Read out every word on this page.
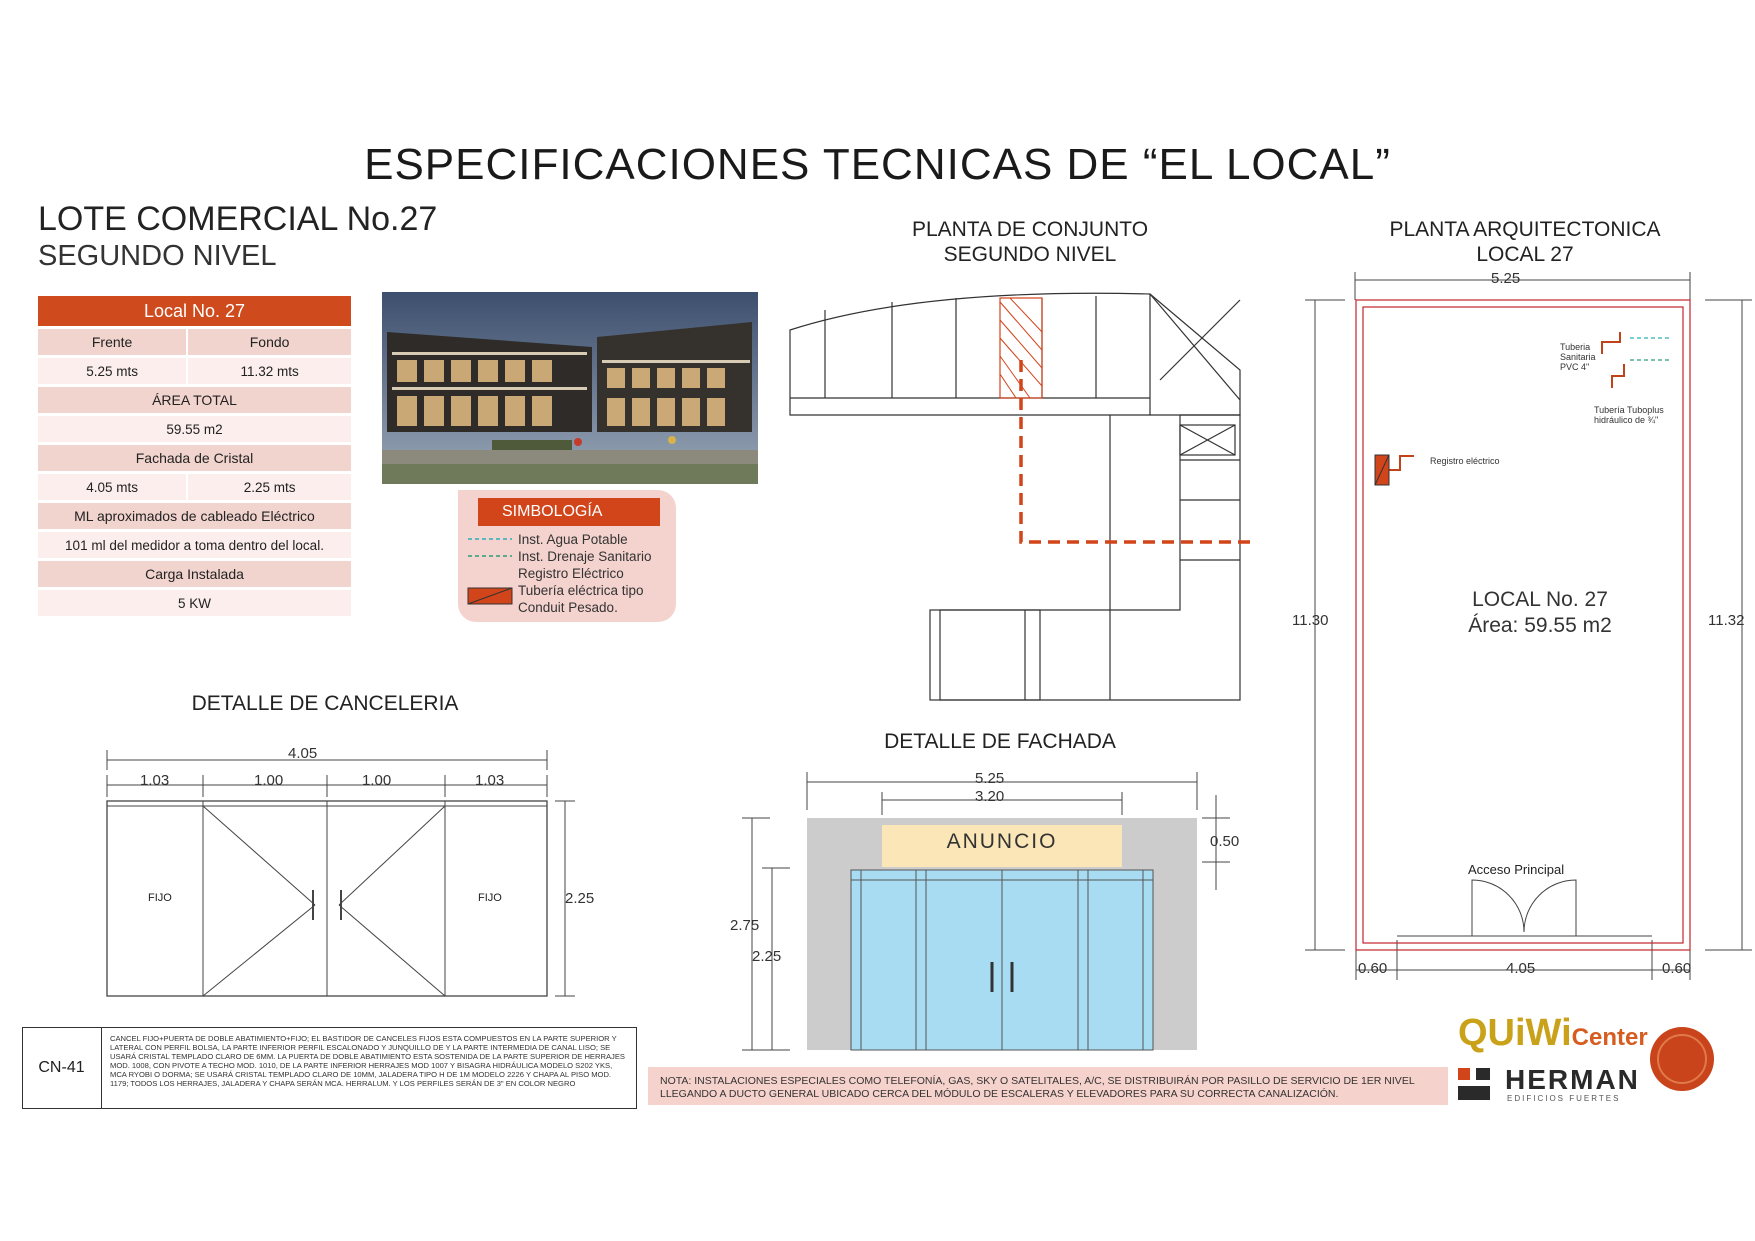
ESPECIFICACIONES TECNICAS DE “EL LOCAL”
LOTE COMERCIAL No.27
SEGUNDO NIVEL
Local No. 27	
Frente	Fondo
5.25 mts	11.32 mts
ÁREA TOTAL	
59.55 m2	
Fachada de Cristal	
4.05 mts	2.25 mts
ML aproximados de cableado Eléctrico	
101 ml del medidor a toma dentro del local.	
Carga Instalada	
5 KW	
SIMBOLOGÍA
Inst. Agua Potable
Inst. Drenaje Sanitario
Registro Eléctrico
Tubería eléctrica tipo
Conduit Pesado.
PLANTA DE CONJUNTO
SEGUNDO NIVEL
PLANTA ARQUITECTONICA
LOCAL 27
5.25
11.30	11.32
4.05
0.60	0.60
LOCAL No. 27
Área: 59.55 m2
Acceso Principal
Tuberia
Sanitaria
PVC 4"
Tubería Tuboplus
hidráulico de ¾"
Registro eléctrico
DETALLE DE CANCELERIA
4.05
1.03	1.00	1.00	1.03
2.25
FIJO	FIJO
DETALLE DE FACHADA
5.25
3.20
0.50
2.75
2.25
ANUNCIO
CN-41
CANCEL FIJO+PUERTA DE DOBLE ABATIMIENTO+FIJO; EL BASTIDOR DE CANCELES FIJOS ESTA COMPUESTOS EN LA PARTE SUPERIOR Y LATERAL CON PERFIL BOLSA, LA PARTE INFERIOR PERFIL ESCALONADO Y JUNQUILLO DE Y LA PARTE INTERMEDIA DE CANAL LISO; SE USARÁ CRISTAL TEMPLADO CLARO DE 6MM. LA PUERTA DE DOBLE ABATIMIENTO ESTA SOSTENIDA DE LA PARTE SUPERIOR DE HERRAJES MOD. 1008, CON PIVOTE A TECHO MOD. 1010, DE LA PARTE INFERIOR HERRAJES MOD 1007 Y BISAGRA HIDRÁULICA MODELO S202 YKS, MCA RYOBI O DORMA; SE USARÁ CRISTAL TEMPLADO CLARO DE 10MM, JALADERA TIPO H DE 1M MODELO 2226 Y CHAPA AL PISO MOD. 1179; TODOS LOS HERRAJES, JALADERA Y CHAPA SERÁN MCA. HERRALUM. Y LOS PERFILES SERÁN DE 3" EN COLOR NEGRO	NOTA: INSTALACIONES ESPECIALES COMO TELEFONÍA, GAS, SKY O SATELITALES, A/C, SE DISTRIBUIRÁN POR PASILLO DE SERVICIO DE 1ER NIVEL LLEGANDO A DUCTO GENERAL UBICADO CERCA DEL MÓDULO DE ESCALERAS Y ELEVADORES PARA SU CORRECTA CANALIZACIÓN.
QUiWiCenter
HERMAN
EDIFICIOS FUERTES
